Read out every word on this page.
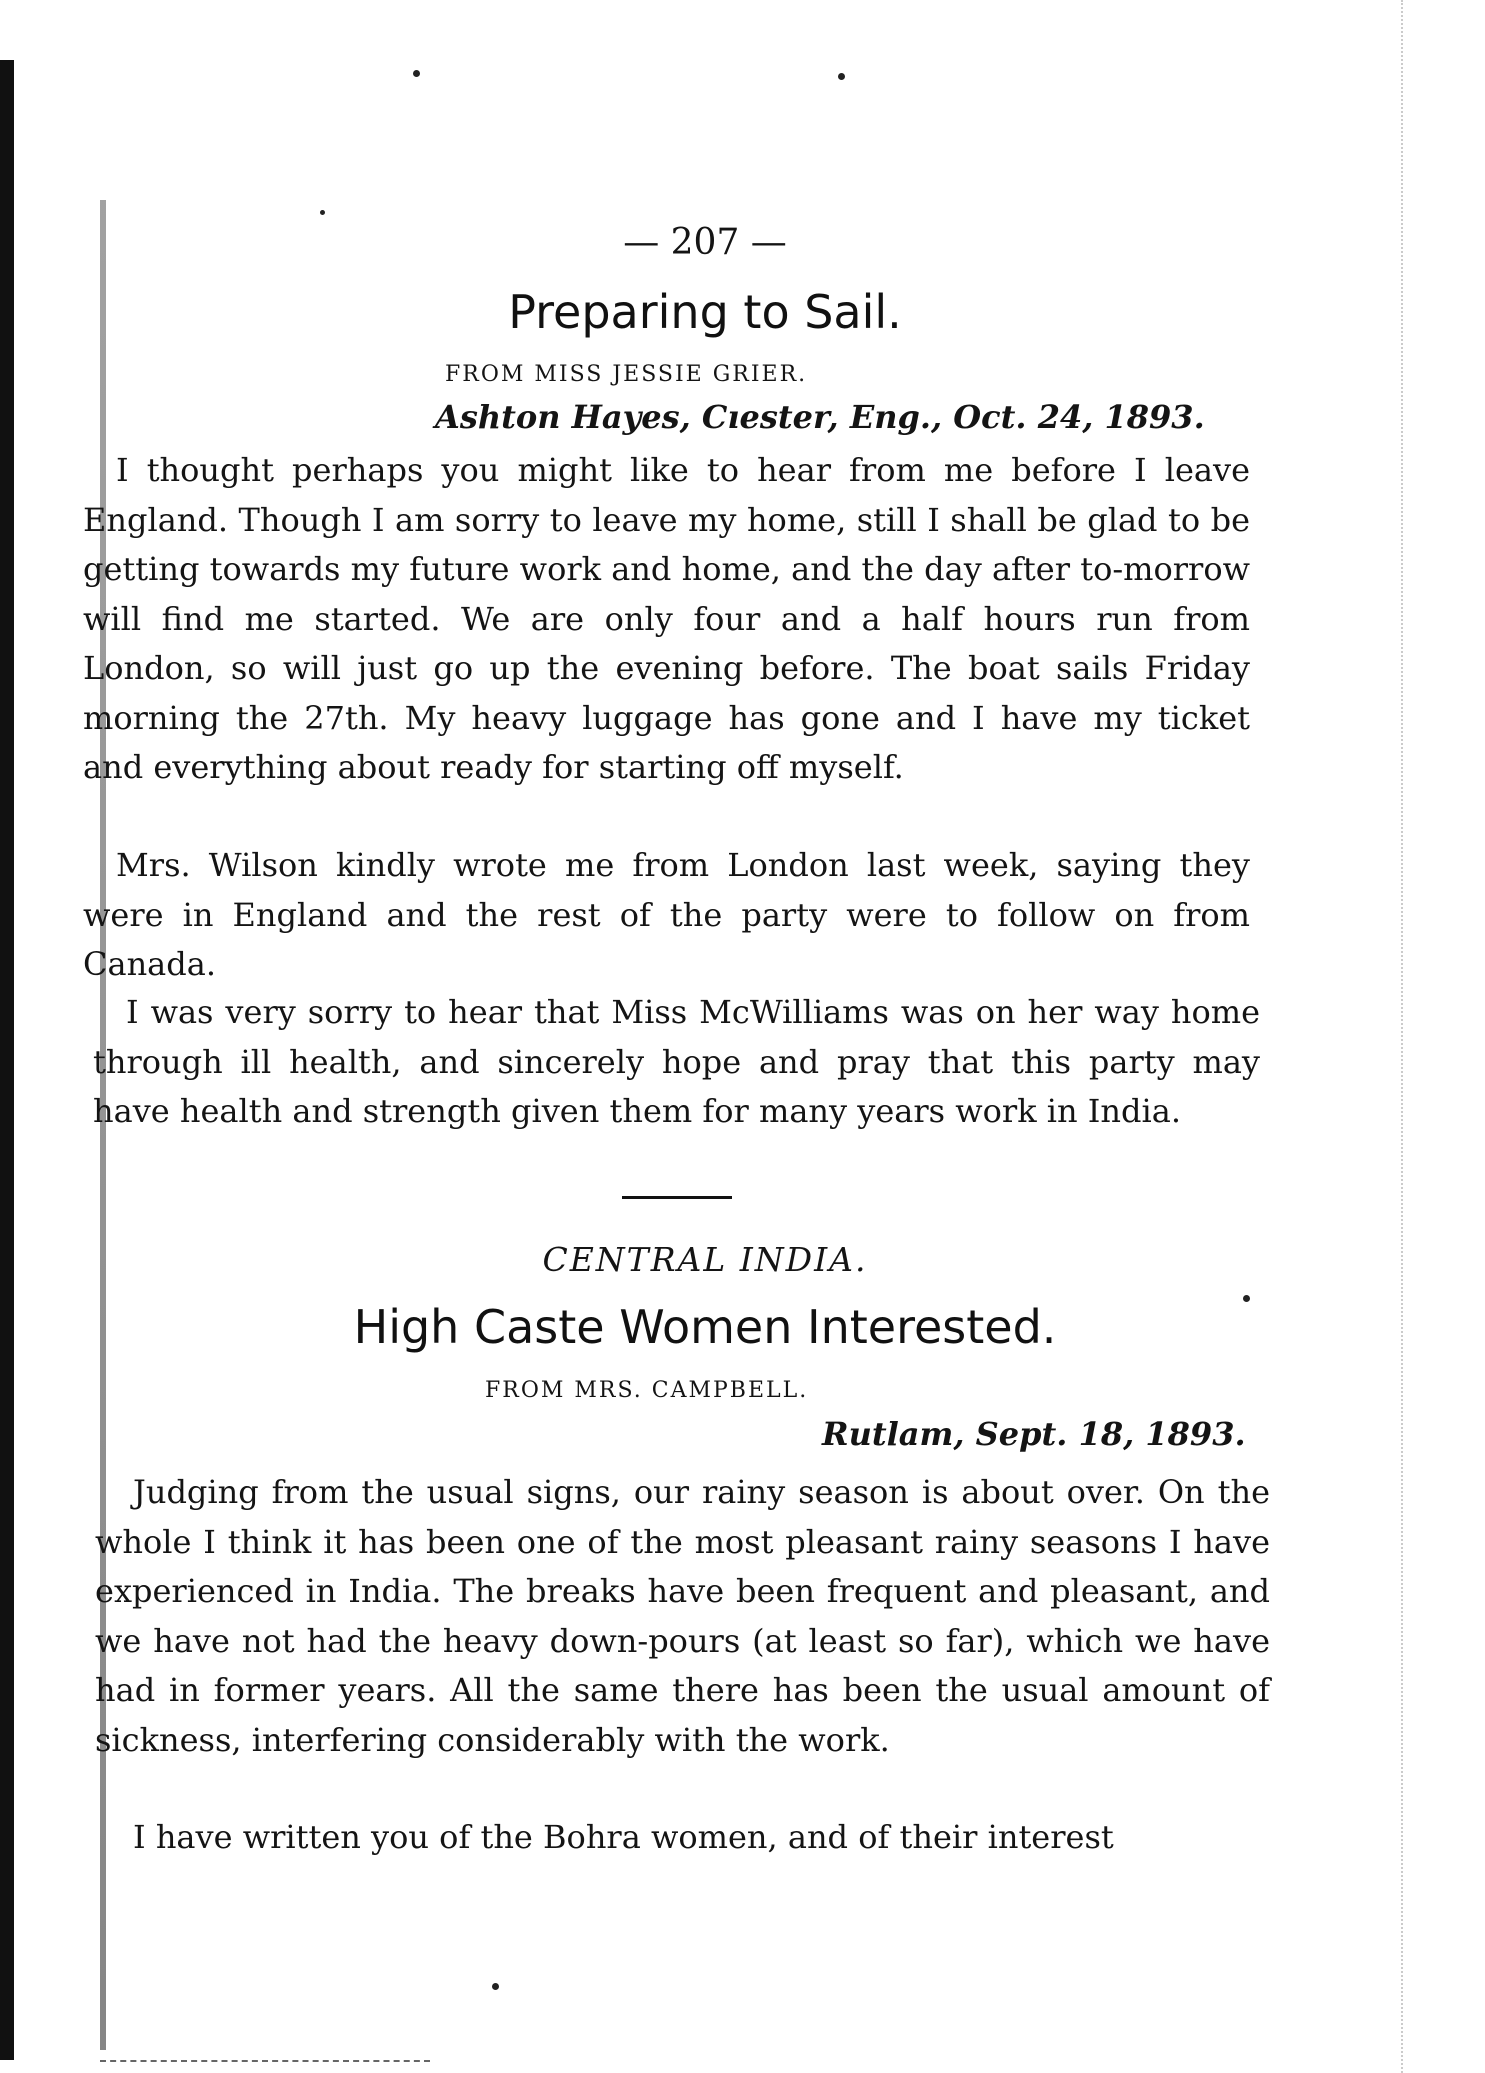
— 207 —
Preparing to Sail.
FROM MISS JESSIE GRIER.
Ashton Hayes, Cıester, Eng., Oct. 24, 1893.

I thought perhaps you might like to hear from me before I leave England. Though I am sorry to leave my home, still I shall be glad to be getting towards my future work and home, and the day after to-morrow will find me started. We are only four and a half hours run from London, so will just go up the evening before. The boat sails Friday morning the 27th. My heavy luggage has gone and I have my ticket and everything about ready for starting off myself.

Mrs. Wilson kindly wrote me from London last week, saying they were in England and the rest of the party were to follow on from Canada.

I was very sorry to hear that Miss McWilliams was on her way home through ill health, and sincerely hope and pray that this party may have health and strength given them for many years work in India.

CENTRAL INDIA.
High Caste Women Interested.
FROM MRS. CAMPBELL.
Rutlam, Sept. 18, 1893.

Judging from the usual signs, our rainy season is about over. On the whole I think it has been one of the most pleasant rainy seasons I have experienced in India. The breaks have been frequent and pleasant, and we have not had the heavy down-pours (at least so far), which we have had in former years. All the same there has been the usual amount of sickness, interfering considerably with the work.

I have written you of the Bohra women, and of their interest
